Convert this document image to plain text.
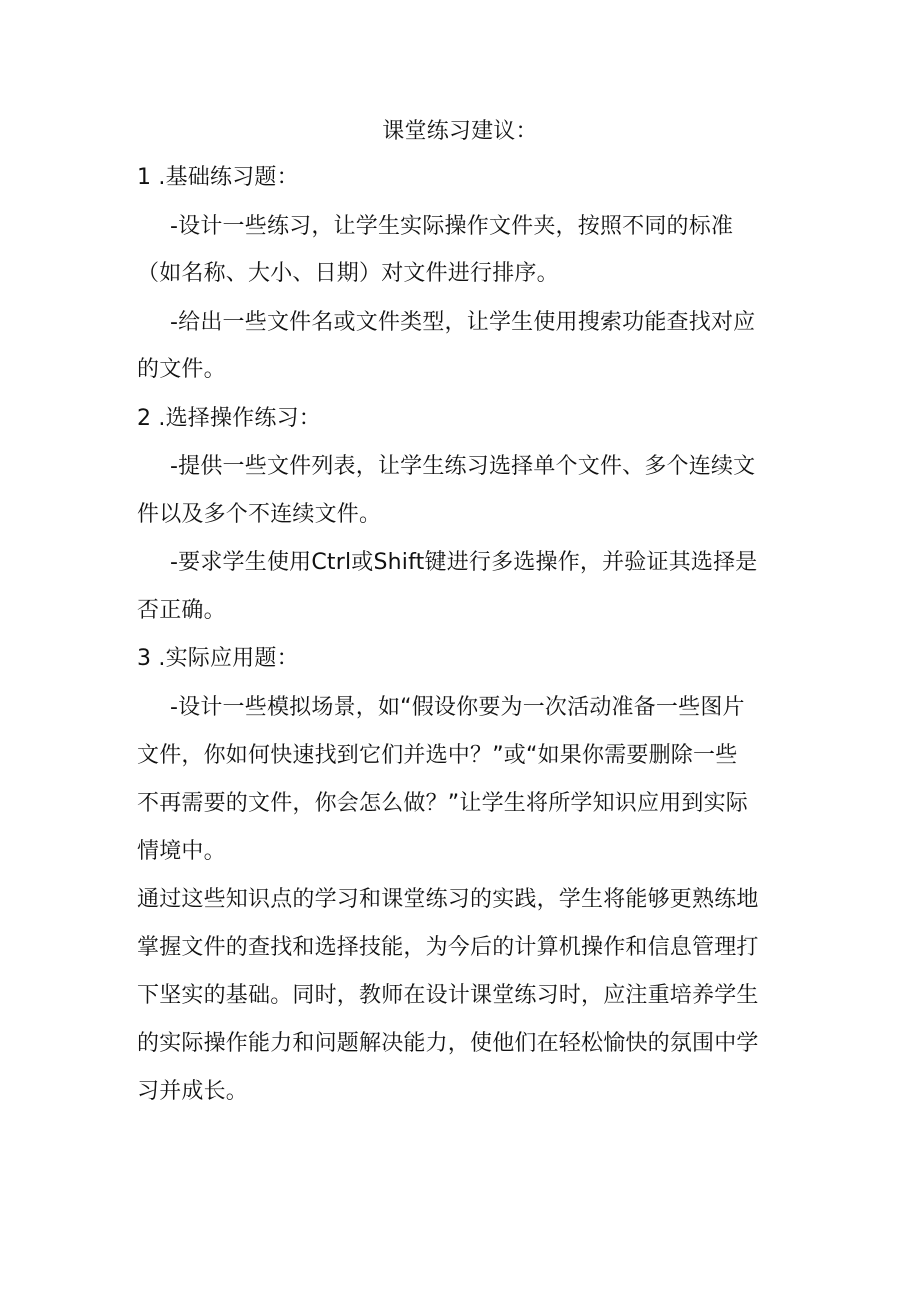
课堂练习建议：
1 .基础练习题：
-设计一些练习，让学生实际操作文件夹，按照不同的标准
（如名称、大小、日期）对文件进行排序。
-给出一些文件名或文件类型，让学生使用搜索功能查找对应
的文件。
2 .选择操作练习：
-提供一些文件列表，让学生练习选择单个文件、多个连续文
件以及多个不连续文件。
-要求学生使用Ctrl或Shift键进行多选操作，并验证其选择是
否正确。
3 .实际应用题：
-设计一些模拟场景，如“假设你要为一次活动准备一些图片
文件，你如何快速找到它们并选中？”或“如果你需要删除一些
不再需要的文件，你会怎么做？”让学生将所学知识应用到实际
情境中。
通过这些知识点的学习和课堂练习的实践，学生将能够更熟练地
掌握文件的查找和选择技能，为今后的计算机操作和信息管理打
下坚实的基础。同时，教师在设计课堂练习时，应注重培养学生
的实际操作能力和问题解决能力，使他们在轻松愉快的氛围中学
习并成长。
